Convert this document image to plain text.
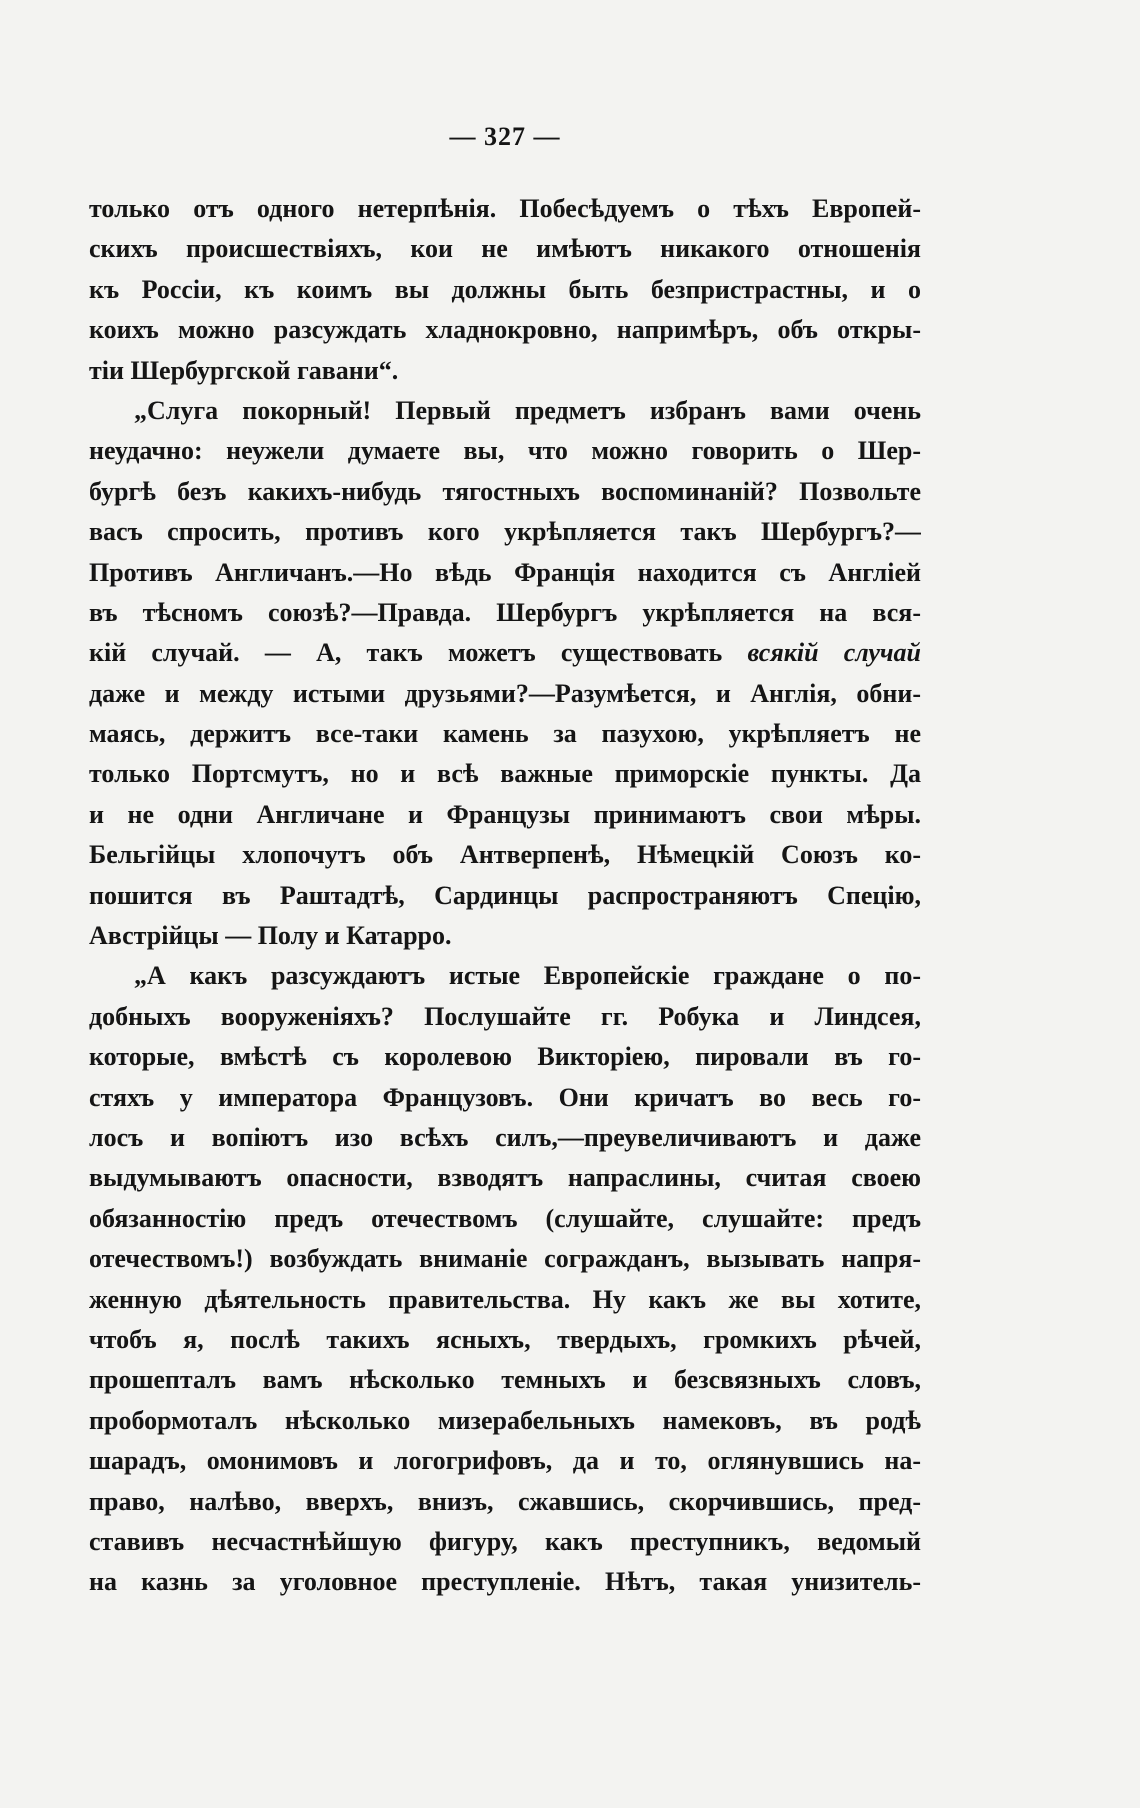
— 327 —
только отъ одного нетерпѣнія. Побесѣдуемъ о тѣхъ Европей-
скихъ происшествіяхъ, кои не имѣютъ никакого отношенія
къ Россіи, къ коимъ вы должны быть безпристрастны, и о
коихъ можно разсуждать хладнокровно, напримѣръ, объ откры-
тіи Шербургской гавани“.
„Слуга покорный! Первый предметъ избранъ вами очень
неудачно: неужели думаете вы, что можно говорить о Шер-
бургѣ безъ какихъ-нибудь тягостныхъ воспоминаній? Позвольте
васъ спросить, противъ кого укрѣпляется такъ Шербургъ?—
Противъ Англичанъ.—Но вѣдь Франція находится съ Англіей
въ тѣсномъ союзѣ?—Правда. Шербургъ укрѣпляется на вся-
кій случай. — А, такъ можетъ существовать всякій случай
даже и между истыми друзьями?—Разумѣется, и Англія, обни-
маясь, держитъ все-таки камень за пазухою, укрѣпляетъ не
только Портсмутъ, но и всѣ важные приморскіе пункты. Да
и не одни Англичане и Французы принимаютъ свои мѣры.
Бельгійцы хлопочутъ объ Антверпенѣ, Нѣмецкій Союзъ ко-
пошится въ Раштадтѣ, Сардинцы распространяютъ Спецію,
Австрійцы — Полу и Катарро.
„А какъ разсуждаютъ истые Европейскіе граждане о по-
добныхъ вооруженіяхъ? Послушайте гг. Робука и Линдсея,
которые, вмѣстѣ съ королевою Викторіею, пировали въ го-
стяхъ у императора Французовъ. Они кричатъ во весь го-
лосъ и вопіютъ изо всѣхъ силъ,—преувеличиваютъ и даже
выдумываютъ опасности, взводятъ напраслины, считая своею
обязанностію предъ отечествомъ (слушайте, слушайте: предъ
отечествомъ!) возбуждать вниманіе согражданъ, вызывать напря-
женную дѣятельность правительства. Ну какъ же вы хотите,
чтобъ я, послѣ такихъ ясныхъ, твердыхъ, громкихъ рѣчей,
прошепталъ вамъ нѣсколько темныхъ и безсвязныхъ словъ,
пробормоталъ нѣсколько мизерабельныхъ намековъ, въ родѣ
шарадъ, омонимовъ и логогрифовъ, да и то, оглянувшись на-
право, налѣво, вверхъ, внизъ, сжавшись, скорчившись, пред-
ставивъ несчастнѣйшую фигуру, какъ преступникъ, ведомый
на казнь за уголовное преступленіе. Нѣтъ, такая унизитель-
